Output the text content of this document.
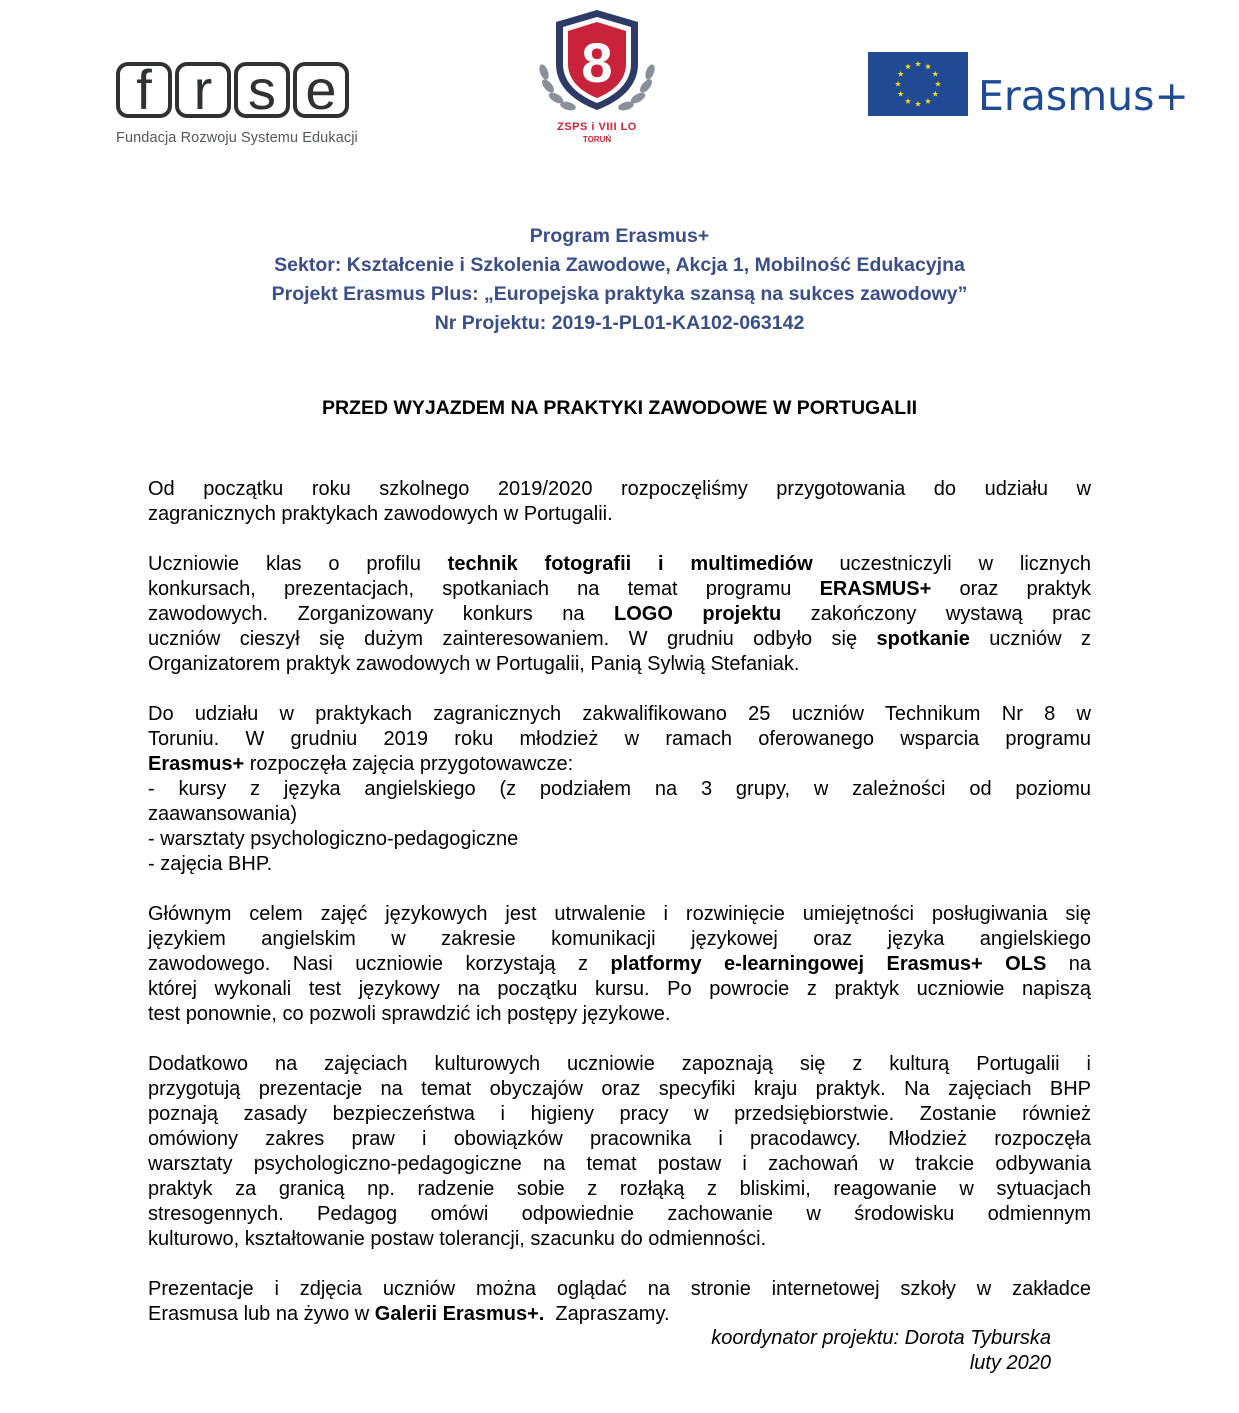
f r s e
Fundacja Rozwoju Systemu Edukacji
8
ZSPS i VIII LO
TORUŃ
Erasmus+
Program Erasmus+
Sektor: Kształcenie i Szkolenia Zawodowe, Akcja 1, Mobilność Edukacyjna
Projekt Erasmus Plus: „Europejska praktyka szansą na sukces zawodowy”
Nr Projektu: 2019-1-PL01-KA102-063142
PRZED WYJAZDEM NA PRAKTYKI ZAWODOWE W PORTUGALII
Od początku roku szkolnego 2019/2020 rozpoczęliśmy przygotowania do udziału w
zagranicznych praktykach zawodowych w Portugalii.
Uczniowie klas o profilu technik fotografii i multimediów uczestniczyli w licznych
konkursach, prezentacjach, spotkaniach na temat programu ERASMUS+ oraz praktyk
zawodowych. Zorganizowany konkurs na LOGO projektu zakończony wystawą prac
uczniów cieszył się dużym zainteresowaniem. W grudniu odbyło się spotkanie uczniów z
Organizatorem praktyk zawodowych w Portugalii, Panią Sylwią Stefaniak.
Do udziału w praktykach zagranicznych zakwalifikowano 25 uczniów Technikum Nr 8 w
Toruniu. W grudniu 2019 roku młodzież w ramach oferowanego wsparcia programu
Erasmus+ rozpoczęła zajęcia przygotowawcze:
- kursy z języka angielskiego (z podziałem na 3 grupy, w zależności od poziomu
zaawansowania)
- warsztaty psychologiczno-pedagogiczne
- zajęcia BHP.
Głównym celem zajęć językowych jest utrwalenie i rozwinięcie umiejętności posługiwania się
językiem angielskim w zakresie komunikacji językowej oraz języka angielskiego
zawodowego. Nasi uczniowie korzystają z platformy e-learningowej Erasmus+ OLS na
której wykonali test językowy na początku kursu. Po powrocie z praktyk uczniowie napiszą
test ponownie, co pozwoli sprawdzić ich postępy językowe.
Dodatkowo na zajęciach kulturowych uczniowie zapoznają się z kulturą Portugalii i
przygotują prezentacje na temat obyczajów oraz specyfiki kraju praktyk. Na zajęciach BHP
poznają zasady bezpieczeństwa i higieny pracy w przedsiębiorstwie. Zostanie również
omówiony zakres praw i obowiązków pracownika i pracodawcy. Młodzież rozpoczęła
warsztaty psychologiczno-pedagogiczne na temat postaw i zachowań w trakcie odbywania
praktyk za granicą np. radzenie sobie z rozłąką z bliskimi, reagowanie w sytuacjach
stresogennych. Pedagog omówi odpowiednie zachowanie w środowisku odmiennym
kulturowo, kształtowanie postaw tolerancji, szacunku do odmienności.
Prezentacje i zdjęcia uczniów można oglądać na stronie internetowej szkoły w zakładce
Erasmusa lub na żywo w Galerii Erasmus+.  Zapraszamy.
koordynator projektu: Dorota Tyburska
luty 2020
